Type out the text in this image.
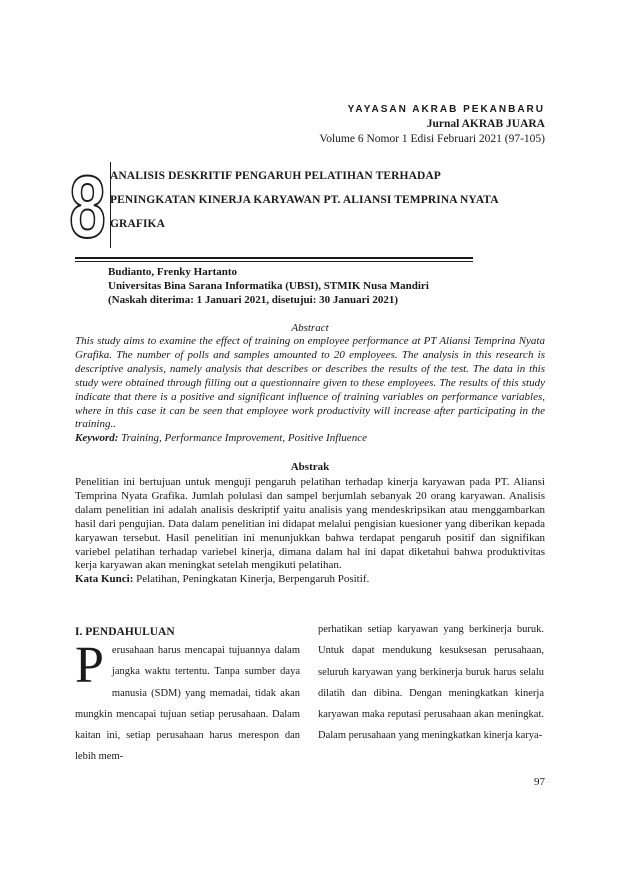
YAYASAN AKRAB PEKANBARU
Jurnal AKRAB JUARA
Volume 6 Nomor 1 Edisi Februari 2021 (97-105)
8 ANALISIS DESKRITIF PENGARUH PELATIHAN TERHADAP
PENINGKATAN KINERJA KARYAWAN PT. ALIANSI TEMPRINA NYATA
GRAFIKA
Budianto, Frenky Hartanto
Universitas Bina Sarana Informatika (UBSI), STMIK Nusa Mandiri
(Naskah diterima: 1 Januari 2021, disetujui: 30 Januari 2021)
Abstract
This study aims to examine the effect of training on employee performance at PT Aliansi Temprina Nyata Grafika. The number of polls and samples amounted to 20 employees. The analysis in this research is descriptive analysis, namely analysis that describes or describes the results of the test. The data in this study were obtained through filling out a questionnaire given to these employees. The results of this study indicate that there is a positive and significant influence of training variables on performance variables, where in this case it can be seen that employee work productivity will increase after participating in the training..
Keyword: Training, Performance Improvement, Positive Influence
Abstrak
Penelitian ini bertujuan untuk menguji pengaruh pelatihan terhadap kinerja karyawan pada PT. Aliansi Temprina Nyata Grafika. Jumlah polulasi dan sampel berjumlah sebanyak 20 orang karyawan. Analisis dalam penelitian ini adalah analisis deskriptif yaitu analisis yang mendeskripsikan atau menggambarkan hasil dari pengujian. Data dalam penelitian ini didapat melalui pengisian kuesioner yang diberikan kepada karyawan tersebut. Hasil penelitian ini menunjukkan bahwa terdapat pengaruh positif dan signifikan variebel pelatihan terhadap variebel kinerja, dimana dalam hal ini dapat diketahui bahwa produktivitas kerja karyawan akan meningkat setelah mengikuti pelatihan.
Kata Kunci: Pelatihan, Peningkatan Kinerja, Berpengaruh Positif.
I. PENDAHULUAN
Perusahaan harus mencapai tujuannya dalam jangka waktu tertentu. Tanpa sumber daya manusia (SDM) yang memadai, tidak akan mungkin mencapai tujuan setiap perusahaan. Dalam kaitan ini, setiap perusahaan harus merespon dan lebih mem-
perhatikan setiap karyawan yang berkinerja buruk. Untuk dapat mendukung kesuksesan perusahaan, seluruh karyawan yang berkinerja buruk harus selalu dilatih dan dibina. Dengan meningkatkan kinerja karyawan maka reputasi perusahaan akan meningkat. Dalam perusahaan yang meningkatkan kinerja karya-
97
